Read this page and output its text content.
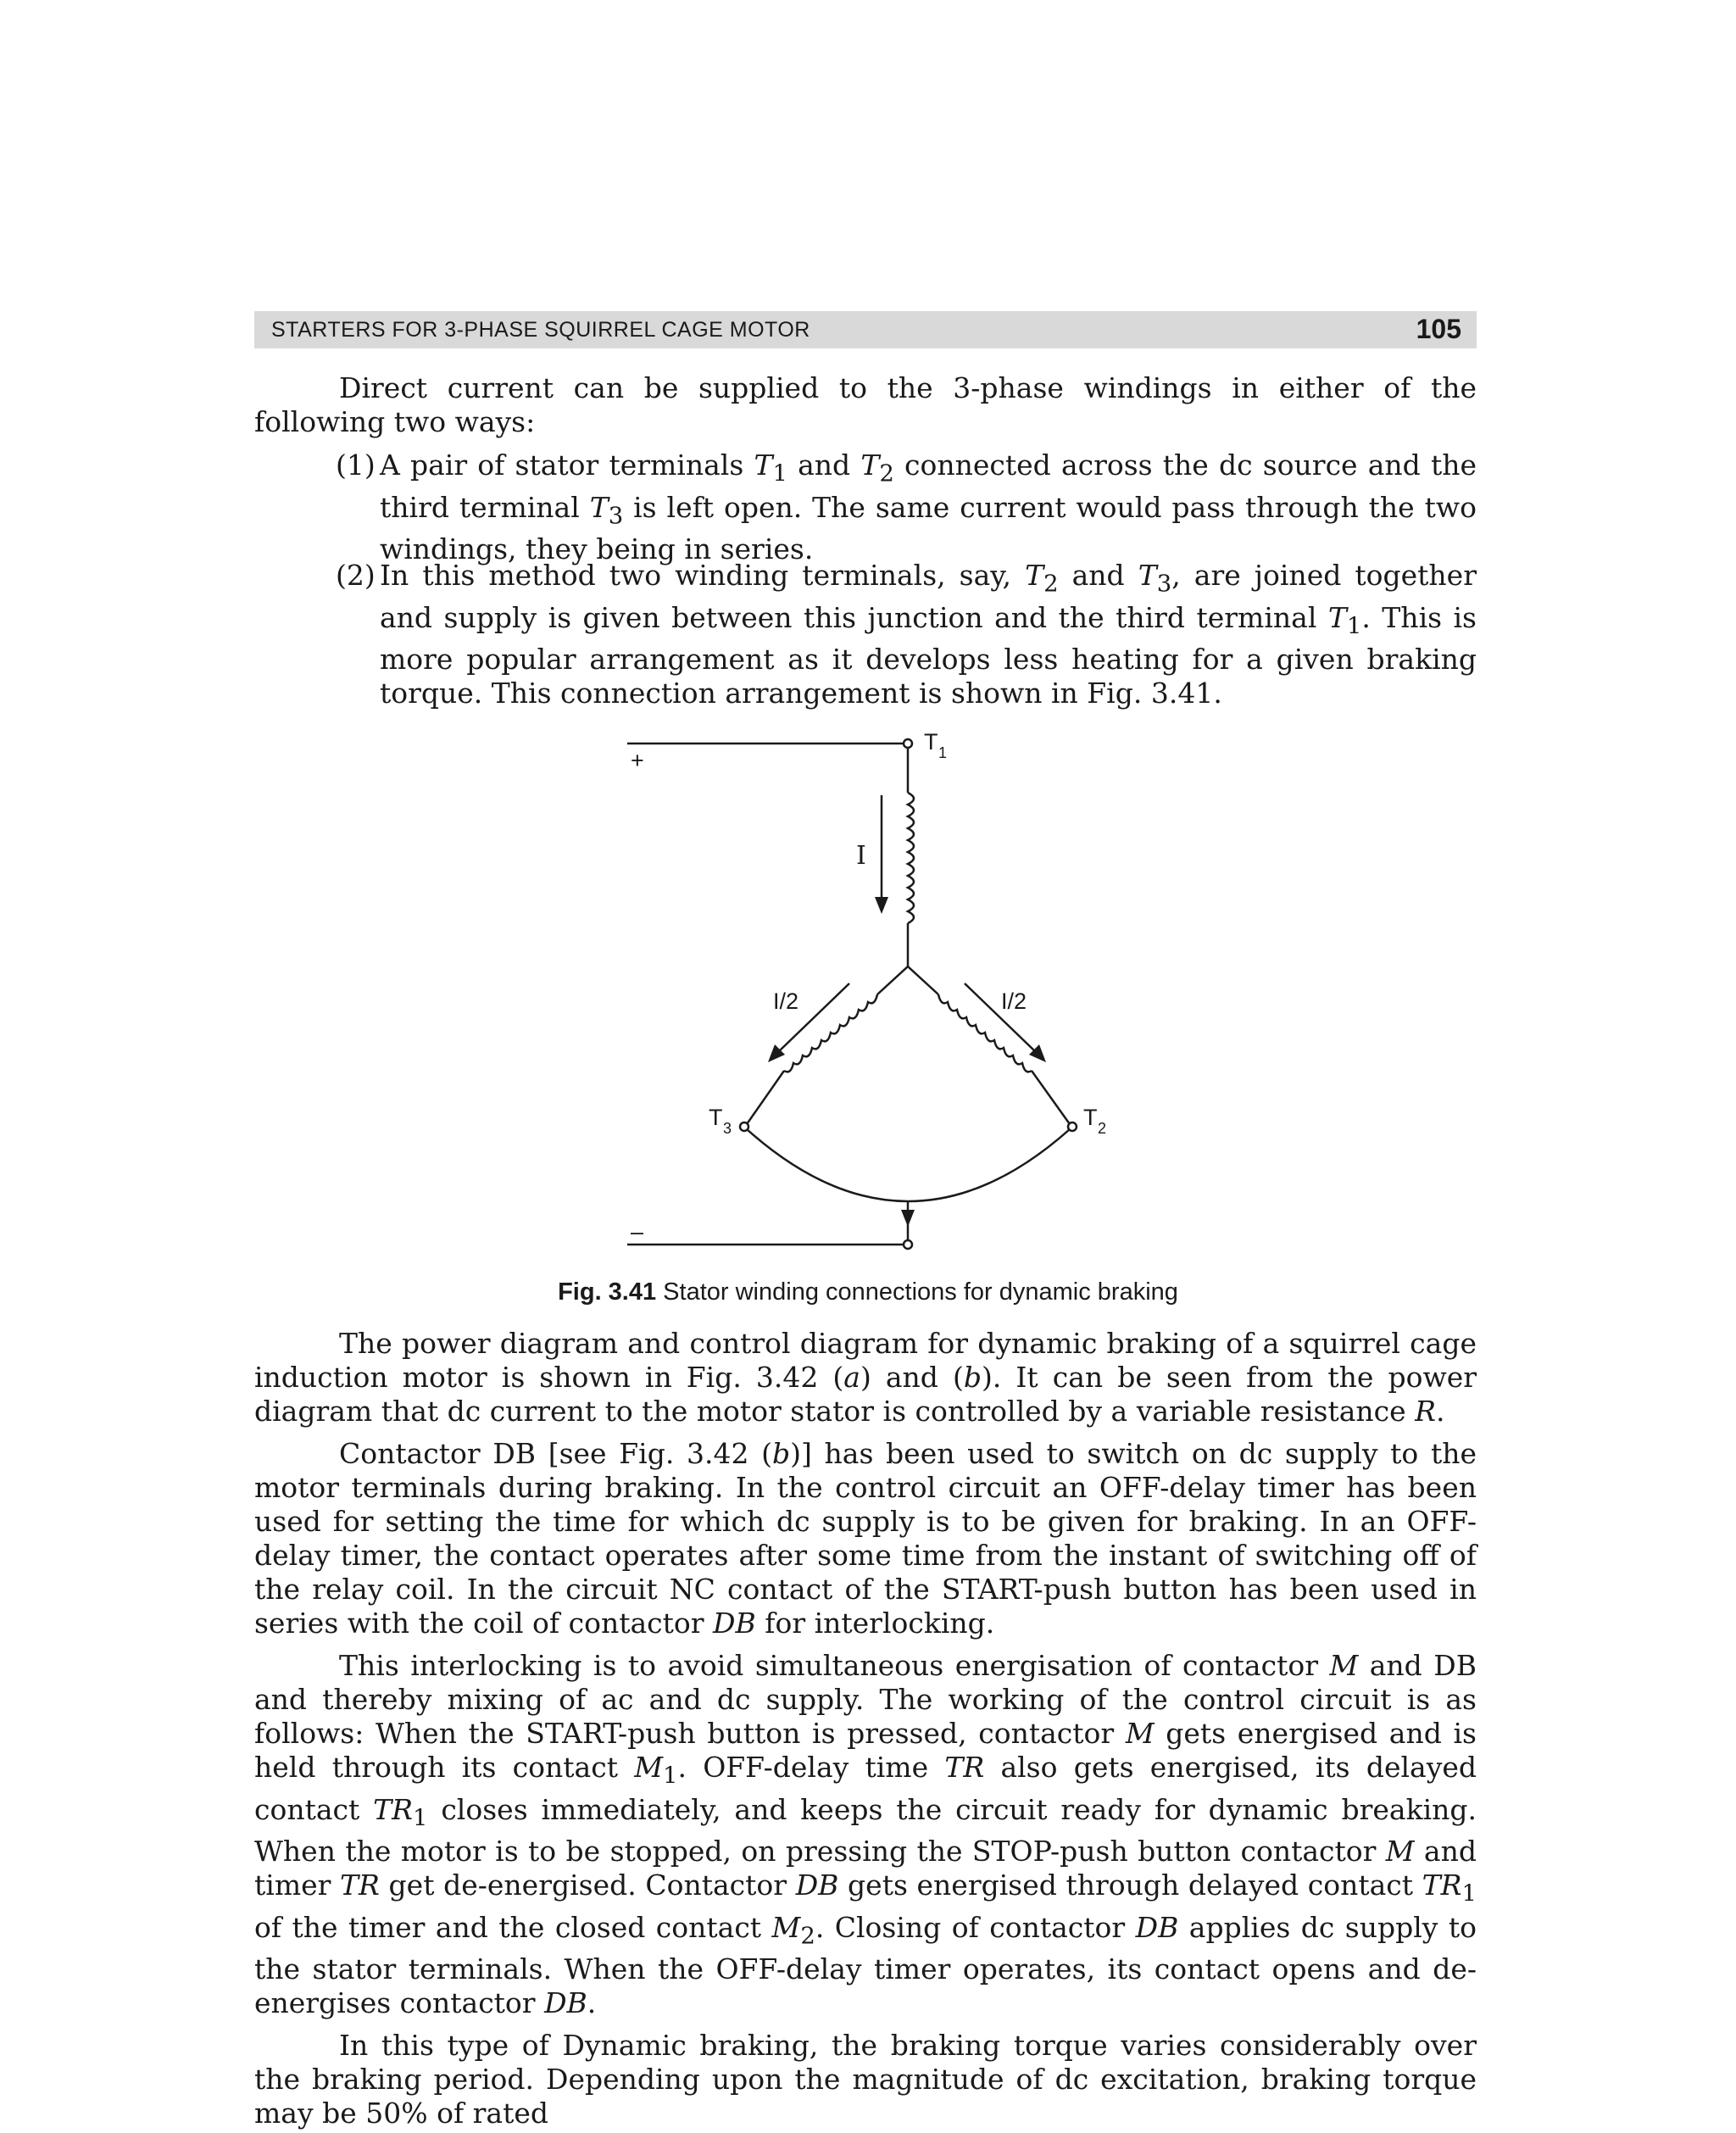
STARTERS FOR 3-PHASE SQUIRREL CAGE MOTOR	105

Direct current can be supplied to the 3-phase windings in either of the following two ways:

(1) A pair of stator terminals $T_1$ and $T_2$ connected across the dc source and the third terminal $T_3$ is left open. The same current would pass through the two windings, they being in series.
(2) In this method two winding terminals, say, $T_2$ and $T_3$, are joined together and supply is given between this junction and the third terminal $T_1$. This is more popular arrangement as it develops less heating for a given braking torque. This connection arrangement is shown in Fig. 3.41.
+
–
T 1
T 3	T 2
I
I/2	I/2
Fig. 3.41 Stator winding connections for dynamic braking

The power diagram and control diagram for dynamic braking of a squirrel cage induction motor is shown in Fig. 3.42 (a) and (b). It can be seen from the power diagram that dc current to the motor stator is controlled by a variable resistance R.

Contactor DB [see Fig. 3.42 (b)] has been used to switch on dc supply to the motor terminals during braking. In the control circuit an OFF-delay timer has been used for setting the time for which dc supply is to be given for braking. In an OFF-delay timer, the contact operates after some time from the instant of switching off of the relay coil. In the circuit NC contact of the START-push button has been used in series with the coil of contactor DB for interlocking.

This interlocking is to avoid simultaneous energisation of contactor M and DB and thereby mixing of ac and dc supply. The working of the control circuit is as follows: When the START-push button is pressed, contactor M gets energised and is held through its contact $M_1$. OFF-delay time TR also gets energised, its delayed contact $TR_1$ closes immediately, and keeps the circuit ready for dynamic breaking. When the motor is to be stopped, on pressing the STOP-push button contactor M and timer TR get de-energised. Contactor DB gets energised through delayed contact $TR_1$ of the timer and the closed contact $M_2$. Closing of contactor DB applies dc supply to the stator terminals. When the OFF-delay timer operates, its contact opens and de-energises contactor DB.

In this type of Dynamic braking, the braking torque varies considerably over the braking period. Depending upon the magnitude of dc excitation, braking torque may be 50% of rated
